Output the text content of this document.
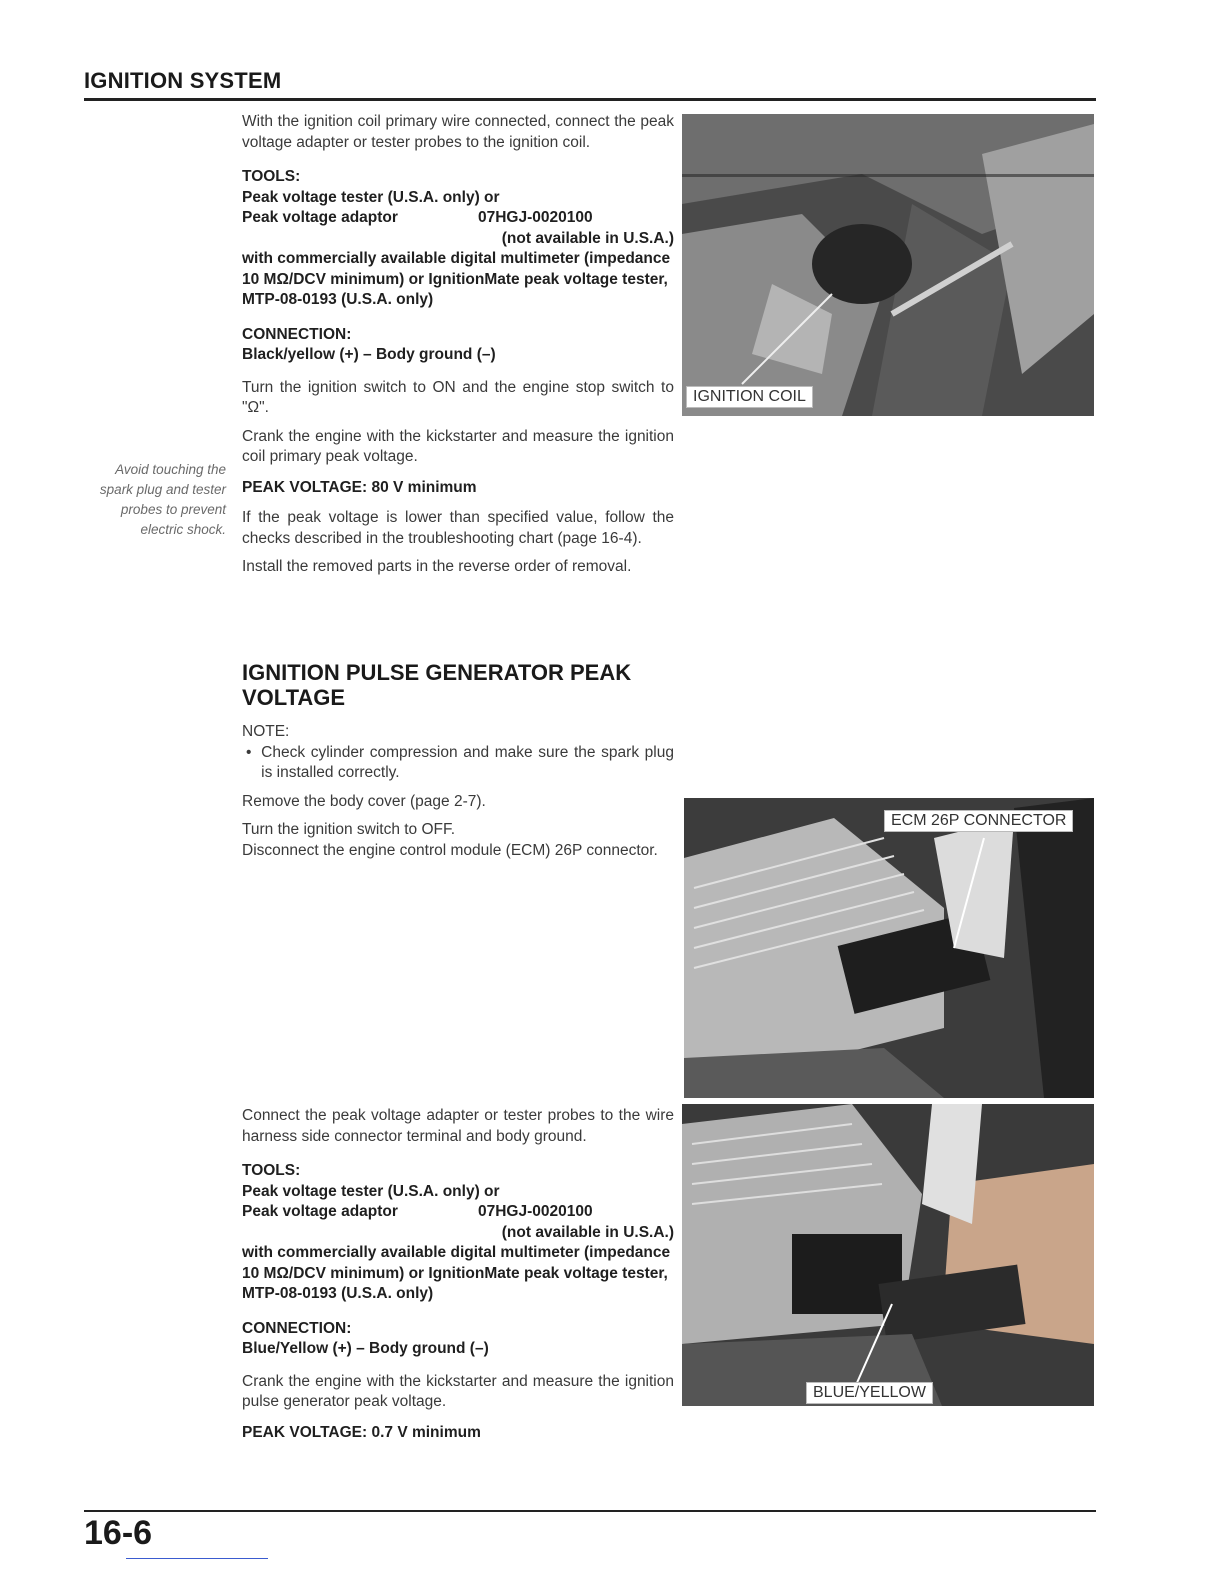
IGNITION SYSTEM
Avoid touching the spark plug and tester probes to prevent electric shock.

With the ignition coil primary wire connected, connect the peak voltage adapter or tester probes to the ignition coil.

TOOLS:

Peak voltage tester (U.S.A. only) or

Peak voltage adaptor	07HGJ-0020100

(not available in U.S.A.)

with commercially available digital multimeter (impedance 10 MΩ/DCV minimum) or IgnitionMate peak voltage tester, MTP-08-0193 (U.S.A. only)

CONNECTION:

Black/yellow (+) – Body ground (–)

Turn the ignition switch to ON and the engine stop switch to "Ω".

Crank the engine with the kickstarter and measure the ignition coil primary peak voltage.

PEAK VOLTAGE: 80 V minimum

If the peak voltage is lower than specified value, follow the checks described in the troubleshooting chart (page 16-4).

Install the removed parts in the reverse order of removal.

IGNITION PULSE GENERATOR PEAK VOLTAGE

NOTE:

• Check cylinder compression and make sure the spark plug is installed correctly.

Remove the body cover (page 2-7).

Turn the ignition switch to OFF.

Disconnect the engine control module (ECM) 26P connector.

Connect the peak voltage adapter or tester probes to the wire harness side connector terminal and body ground.

TOOLS:

Peak voltage tester (U.S.A. only) or

Peak voltage adaptor	07HGJ-0020100

(not available in U.S.A.)

with commercially available digital multimeter (impedance 10 MΩ/DCV minimum) or IgnitionMate peak voltage tester, MTP-08-0193 (U.S.A. only)

CONNECTION:

Blue/Yellow (+) – Body ground (–)

Crank the engine with the kickstarter and measure the ignition pulse generator peak voltage.

PEAK VOLTAGE: 0.7 V minimum

IGNITION COIL
ECM 26P CONNECTOR
BLUE/YELLOW
16-6
